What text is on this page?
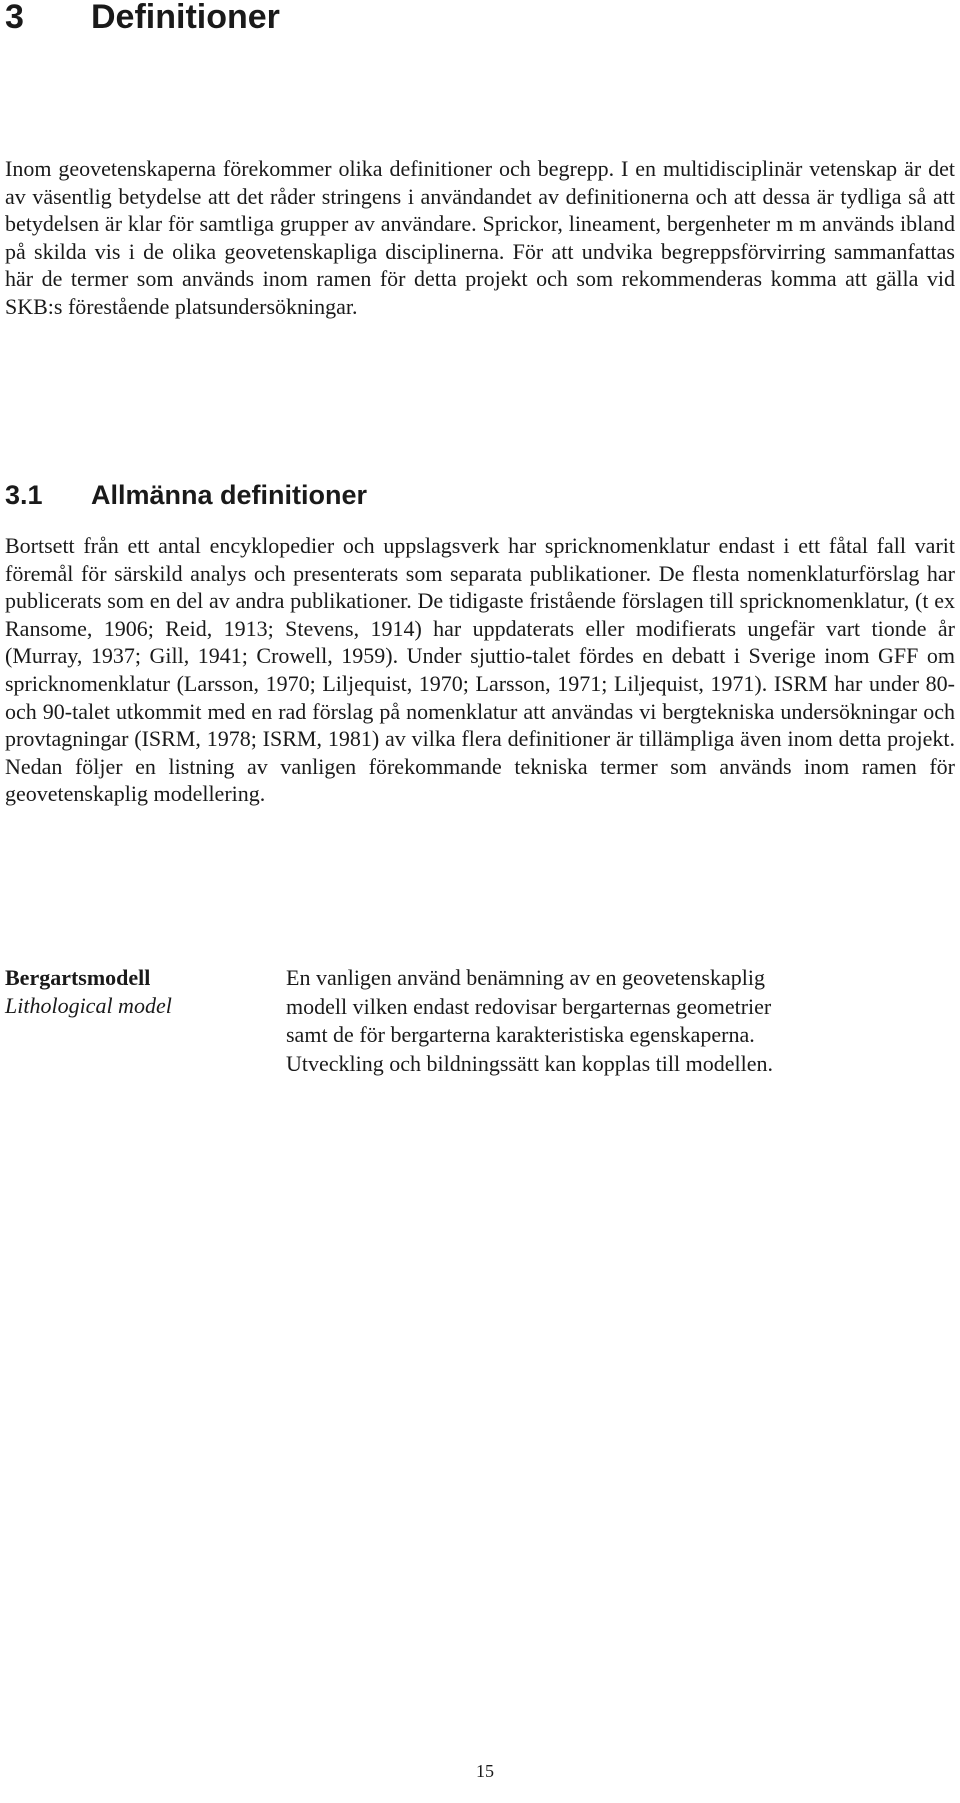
3 Definitioner

Inom geovetenskaperna förekommer olika definitioner och begrepp. I en multidisciplinär vetenskap är det av väsentlig betydelse att det råder stringens i användandet av definitionerna och att dessa är tydliga så att betydelsen är klar för samtliga grupper av användare. Sprickor, lineament, bergenheter m m används ibland på skilda vis i de olika geovetenskapliga disciplinerna. För att undvika begreppsförvirring sammanfattas här de termer som används inom ramen för detta projekt och som rekommenderas komma att gälla vid SKB:s förestående platsundersökningar.

3.1 Allmänna definitioner

Bortsett från ett antal encyklopedier och uppslagsverk har spricknomenklatur endast i ett fåtal fall varit föremål för särskild analys och presenterats som separata publikationer. De flesta nomenklaturförslag har publicerats som en del av andra publikationer. De tidigaste fristående förslagen till spricknomenklatur, (t ex Ransome, 1906; Reid, 1913; Stevens, 1914) har uppdaterats eller modifierats ungefär vart tionde år (Murray, 1937; Gill, 1941; Crowell, 1959). Under sjuttio-talet fördes en debatt i Sverige inom GFF om spricknomenklatur (Larsson, 1970; Liljequist, 1970; Larsson, 1971; Liljequist, 1971). ISRM har under 80- och 90-talet utkommit med en rad förslag på nomenklatur att användas vi bergtekniska undersökningar och provtagningar (ISRM, 1978; ISRM, 1981) av vilka flera definitioner är tillämpliga även inom detta projekt. Nedan följer en listning av vanligen förekommande tekniska termer som används inom ramen för geovetenskaplig modellering.

Bergartsmodell
Lithological model

En vanligen använd benämning av en geovetenskaplig modell vilken endast redovisar bergarternas geometrier samt de för bergarterna karakteristiska egenskaperna. Utveckling och bildningssätt kan kopplas till modellen.

15
